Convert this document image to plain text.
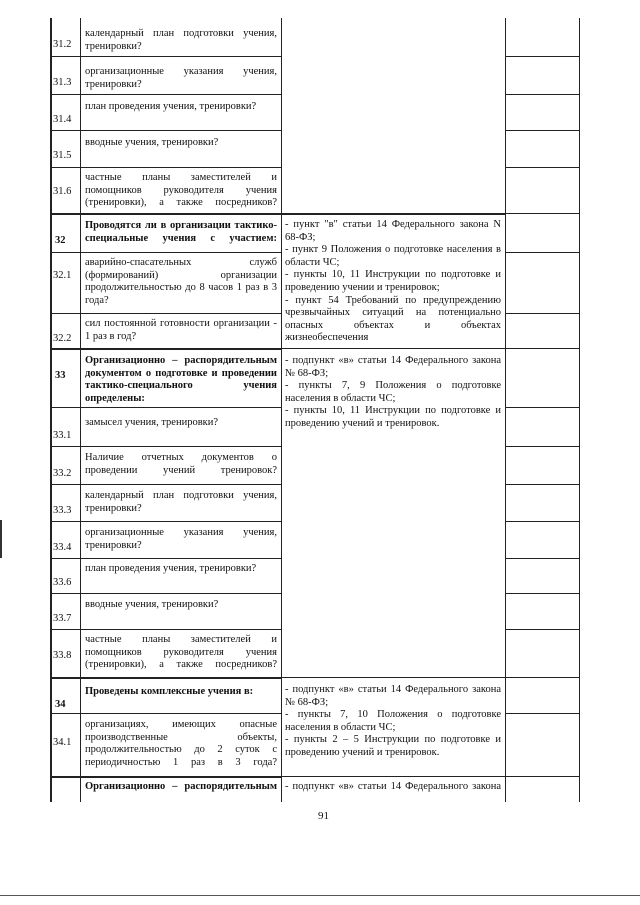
31.2
31.3
31.4
31.5
31.6
32
32.1
32.2
33
33.1
33.2
33.3
33.4
33.6
33.7
33.8
34
34.1
календарный план подготовки учения, тренировки?
организационные указания учения, тренировки?
план проведения учения, тренировки?
вводные учения, тренировки?
частные планы заместителей и помощников руководителя учения (тренировки), а также посредников?
Проводятся ли в организации тактико-специальные учения с участием:
аварийно-спасательных служб (формирований) организации продолжительностью до 8 часов 1 раз в 3 года?
сил постоянной готовности организации - 1 раз в год?
Организационно – распорядительным документом о подготовке и проведении тактико-специального учения определены:
замысел учения, тренировки?
Наличие отчетных документов о проведении учений тренировок?
календарный план подготовки учения, тренировки?
организационные указания учения, тренировки?
план проведения учения, тренировки?
вводные учения, тренировки?
частные планы заместителей и помощников руководителя учения (тренировки), а также посредников?
Проведены комплексные учения в:
организациях, имеющих опасные производственные объекты, продолжительностью до 2 суток с периодичностью 1 раз в 3 года?
Организационно – распорядительным
- пункт "в" статьи 14 Федерального закона N 68-ФЗ;
- пункт 9 Положения о подготовке населения в области ЧС;
- пункты 10, 11 Инструкции по подготовке и проведению учении и тренировок;
- пункт 54 Требований по предупреждению чрезвычайных ситуаций на потенциально опасных объектах и объектах жизнеобеспечения
- подпункт «в» статьи 14 Федерального закона № 68-ФЗ;
- пункты 7, 9 Положения о подготовке населения в области ЧС;
- пункты 10, 11 Инструкции по подготовке и проведению учений и тренировок.
- подпункт «в» статьи 14 Федерального закона № 68-ФЗ;
- пункты 7, 10 Положения о подготовке населения в области ЧС;
- пункты 2 – 5 Инструкции по подготовке и проведению учений и тренировок.
- подпункт «в» статьи 14 Федерального закона
91
